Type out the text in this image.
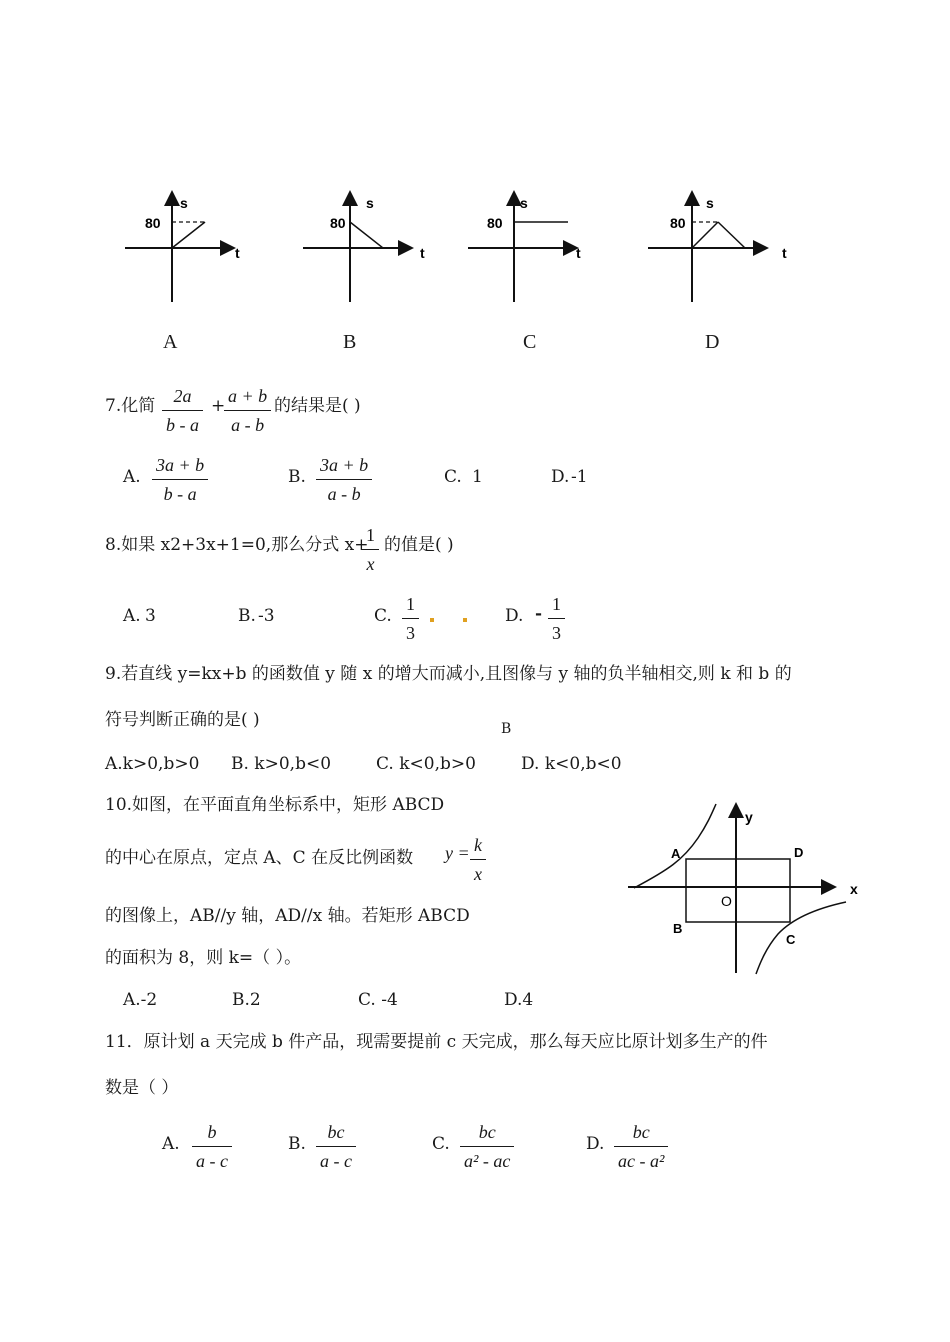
80
s
t
80
s
t
80
s
t
80
s
t
A	B	C	D
7.化简 $\frac{2a}{b - a}$ +
$\frac{a + b}{a - b}$ 的结果是( )
A. $\frac{3a + b}{b - a}$	B. $\frac{3a + b}{a - b}$	C. 1	D. -1
8.如果 x2+3x+1=0,那么分式 x+
$\frac{1}{x}$ 的值是( )
A. 3	B. -3	C. $\frac{1}{3}$	D. - $\frac{1}{3}$
9.若直线 y=kx+b 的函数值 y 随 x 的增大而减小,且图像与 y 轴的负半轴相交,则 k 和 b 的
符号判断正确的是( )	B
A.k>0,b>0 B. k>0,b<0	C. k<0,b>0	D. k<0,b<0
10.如图，在平面直角坐标系中，矩形 ABCD
的中心在原点，定点 A、C 在反比例函数 $y = \frac{k}{x}$
的图像上，AB//y 轴，AD//x 轴。若矩形 ABCD
的面积为 8，则 k=（ ）。
A.-2	B.2	C. -4	D.4
y
x
O
A
B
C
D
11．原计划 a 天完成 b 件产品，现需要提前 c 天完成，那么每天应比原计划多生产的件
数是（ ）
A. $\frac{b}{a - c}$	B. $\frac{bc}{a - c}$	C. $\frac{bc}{\text{a² - ac}}$	D. $\frac{bc}{\text{ac - a²}}$
